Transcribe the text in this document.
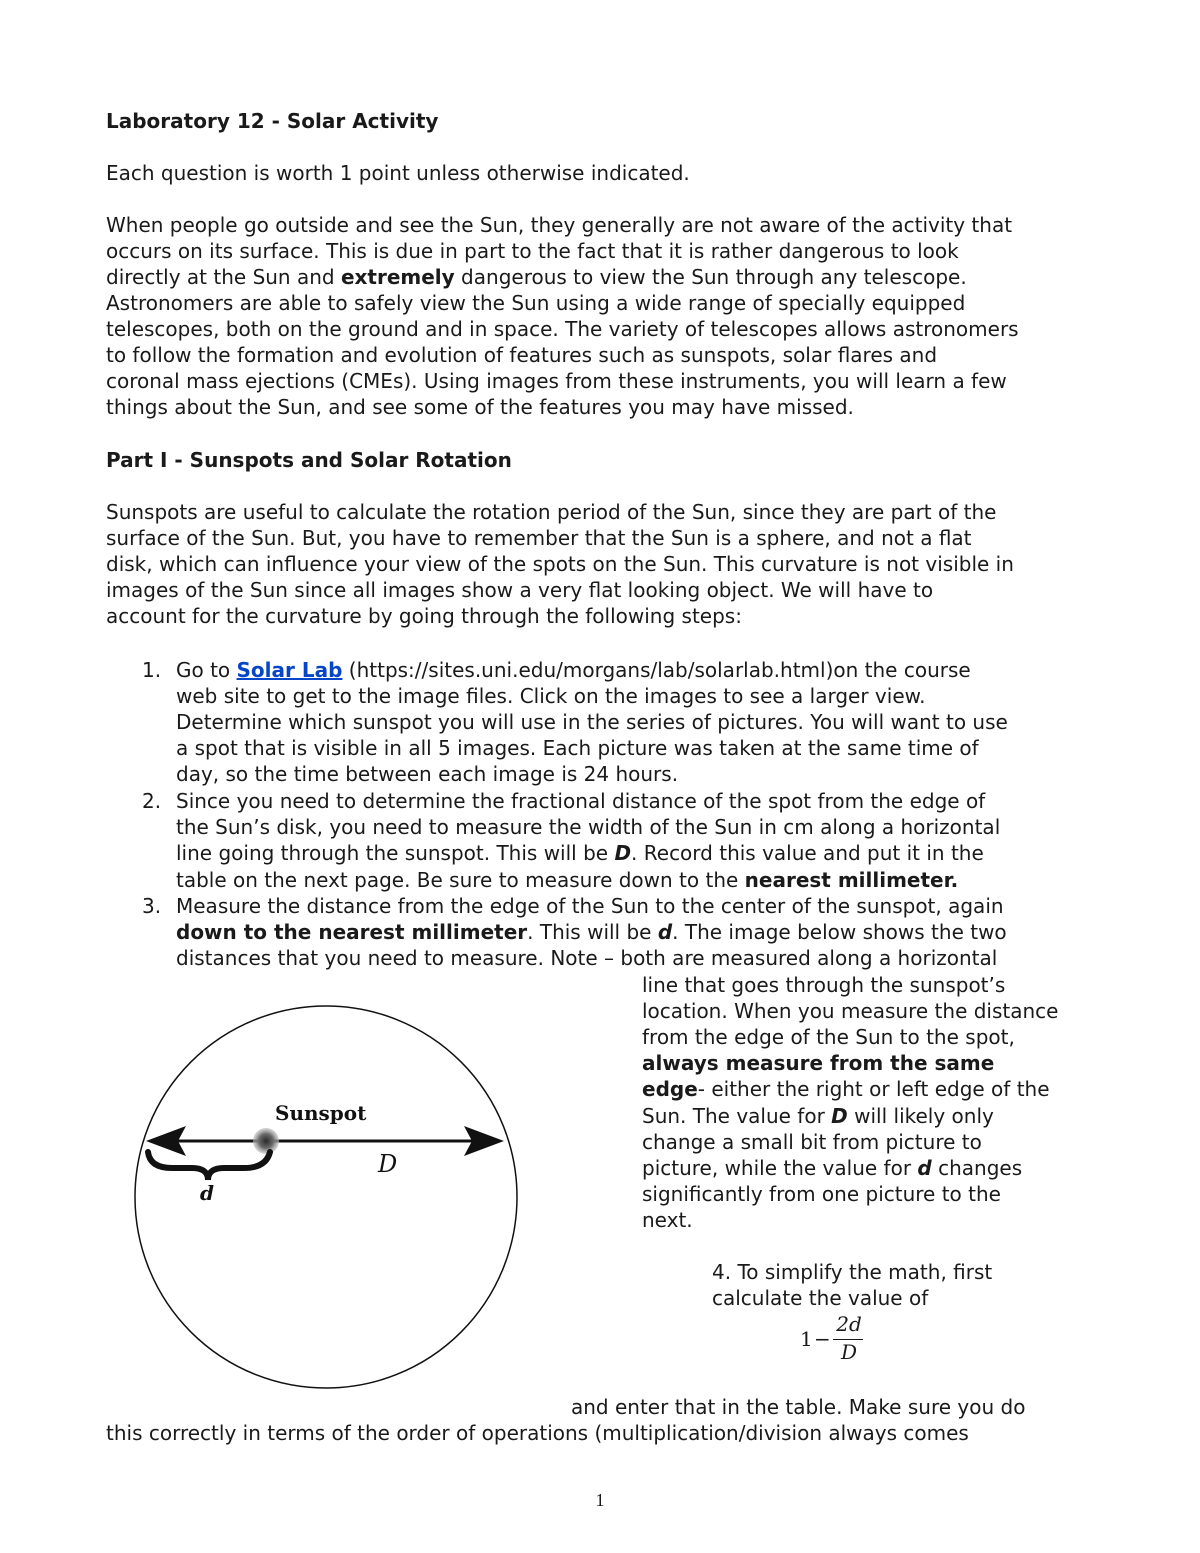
Laboratory 12 - Solar Activity

Each question is worth 1 point unless otherwise indicated.

When people go outside and see the Sun, they generally are not aware of the activity that

occurs on its surface. This is due in part to the fact that it is rather dangerous to look

directly at the Sun and extremely dangerous to view the Sun through any telescope.

Astronomers are able to safely view the Sun using a wide range of specially equipped

telescopes, both on the ground and in space. The variety of telescopes allows astronomers

to follow the formation and evolution of features such as sunspots, solar flares and

coronal mass ejections (CMEs). Using images from these instruments, you will learn a few

things about the Sun, and see some of the features you may have missed.

Part I - Sunspots and Solar Rotation

Sunspots are useful to calculate the rotation period of the Sun, since they are part of the

surface of the Sun. But, you have to remember that the Sun is a sphere, and not a flat

disk, which can influence your view of the spots on the Sun. This curvature is not visible in

images of the Sun since all images show a very flat looking object. We will have to

account for the curvature by going through the following steps:

1. Go to Solar Lab (https://sites.uni.edu/morgans/lab/solarlab.html)on the course

web site to get to the image files. Click on the images to see a larger view.

Determine which sunspot you will use in the series of pictures. You will want to use

a spot that is visible in all 5 images. Each picture was taken at the same time of

day, so the time between each image is 24 hours.

2. Since you need to determine the fractional distance of the spot from the edge of

the Sun’s disk, you need to measure the width of the Sun in cm along a horizontal

line going through the sunspot. This will be D. Record this value and put it in the

table on the next page. Be sure to measure down to the nearest millimeter.

3. Measure the distance from the edge of the Sun to the center of the sunspot, again

down to the nearest millimeter. This will be d. The image below shows the two

distances that you need to measure. Note – both are measured along a horizontal

line that goes through the sunspot’s

location. When you measure the distance

from the edge of the Sun to the spot,

always measure from the same

edge- either the right or left edge of the

Sun. The value for D will likely only

change a small bit from picture to

picture, while the value for d changes

significantly from one picture to the

next.

Sunspot
d
D

4. To simplify the math, first

calculate the value of

1 −
2d
D

and enter that in the table. Make sure you do

this correctly in terms of the order of operations (multiplication/division always comes

1
